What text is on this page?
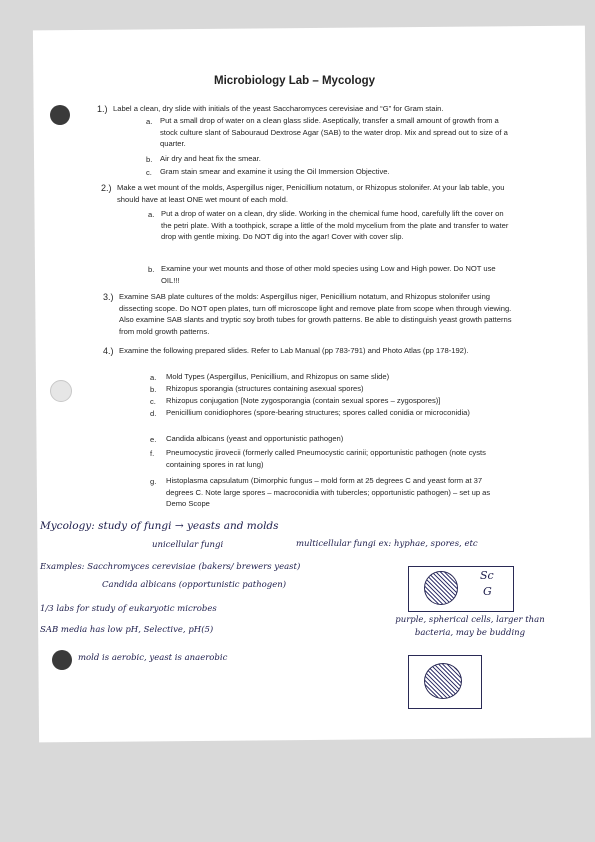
Microbiology Lab – Mycology
1.) Label a clean, dry slide with initials of the yeast Saccharomyces cerevisiae and “G” for Gram stain.
a. Put a small drop of water on a clean glass slide. Aseptically, transfer a small amount of growth from a stock culture slant of Sabouraud Dextrose Agar (SAB) to the water drop. Mix and spread out to size of a quarter.
b. Air dry and heat fix the smear.
c. Gram stain smear and examine it using the Oil Immersion Objective.
2.) Make a wet mount of the molds, Aspergillus niger, Penicillium notatum, or Rhizopus stolonifer. At your lab table, you should have at least ONE wet mount of each mold.
a. Put a drop of water on a clean, dry slide. Working in the chemical fume hood, carefully lift the cover on the petri plate. With a toothpick, scrape a little of the mold mycelium from the plate and transfer to water drop with gentle mixing. Do NOT dig into the agar! Cover with cover slip.
b. Examine your wet mounts and those of other mold species using Low and High power. Do NOT use OIL!!!
3.) Examine SAB plate cultures of the molds: Aspergillus niger, Penicillium notatum, and Rhizopus stolonifer using dissecting scope. Do NOT open plates, turn off microscope light and remove plate from scope when through viewing. Also examine SAB slants and tryptic soy broth tubes for growth patterns. Be able to distinguish yeast growth patterns from mold growth patterns.
4.) Examine the following prepared slides. Refer to Lab Manual (pp 783-791) and Photo Atlas (pp 178-192).
a. Mold Types (Aspergillus, Penicillium, and Rhizopus on same slide)
b. Rhizopus sporangia (structures containing asexual spores)
c. Rhizopus conjugation [Note zygosporangia (contain sexual spores – zygospores)]
d. Penicillium conidiophores (spore-bearing structures; spores called conidia or microconidia)
e. Candida albicans (yeast and opportunistic pathogen)
f. Pneumocystic jirovecii (formerly called Pneumocystic carinii; opportunistic pathogen (note cysts containing spores in rat lung)
g. Histoplasma capsulatum (Dimorphic fungus – mold form at 25 degrees C and yeast form at 37 degrees C. Note large spores – macroconidia with tubercles; opportunistic pathogen) – set up as Demo Scope
Mycology: study of fungi → yeasts and molds
unicellular fungi	multicellular fungi ex: hyphae, spores, etc
Examples: Sacchromyces cerevisiae (bakers/ brewers yeast)
Candida albicans (opportunistic pathogen)
1/3 labs for study of eukaryotic microbes
SAB media has low pH, Selective, pH(5)
mold is aerobic, yeast is anaerobic
Sc
G
purple, spherical cells, larger than bacteria, may be budding
